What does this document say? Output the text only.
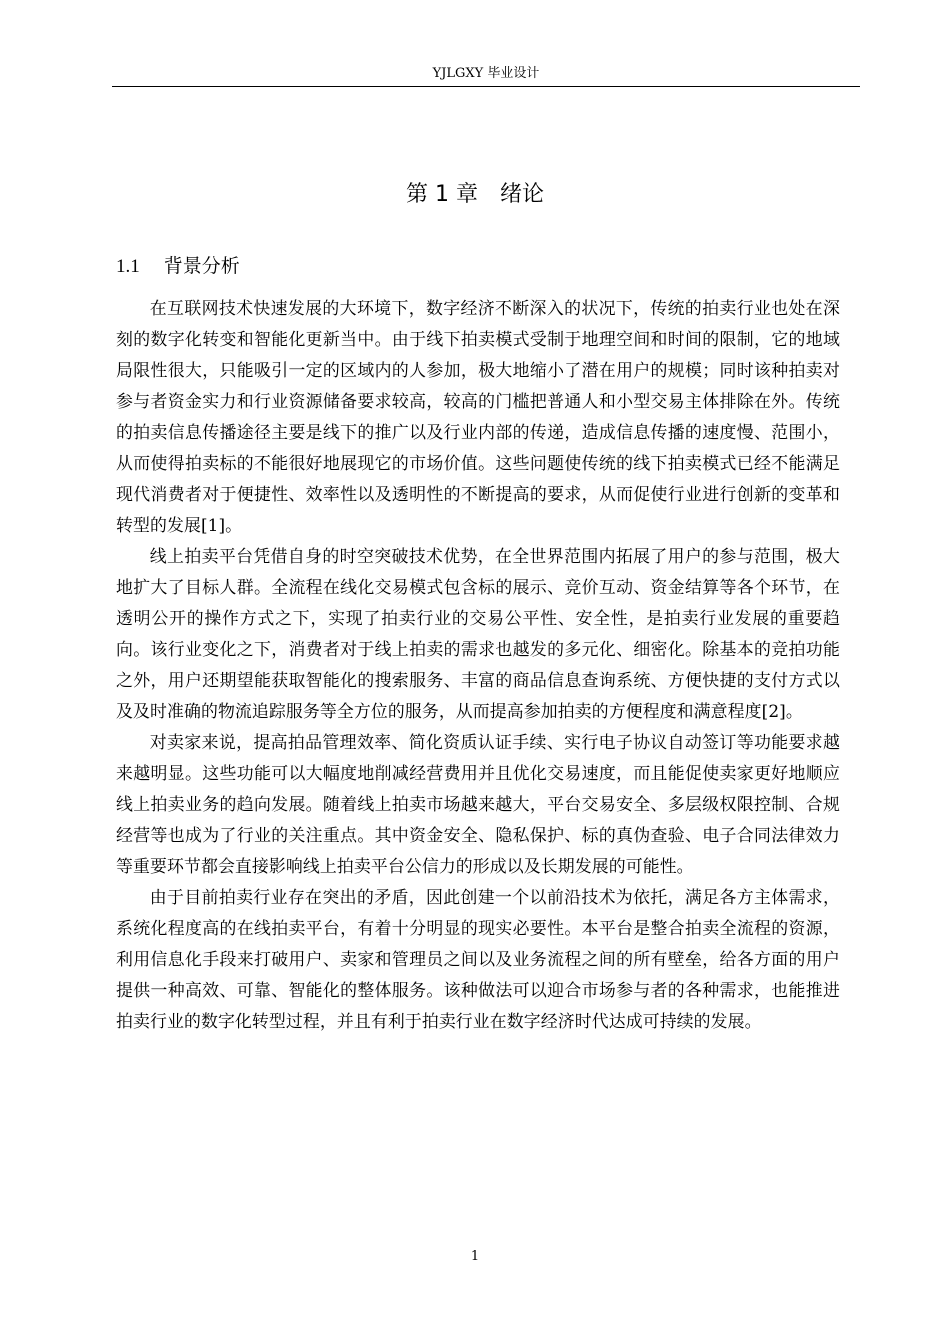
YJLGXY 毕业设计
第 1 章 绪论
1.1 背景分析

在互联网技术快速发展的大环境下，数字经济不断深入的状况下，传统的拍卖行业也处在深刻的数字化转变和智能化更新当中。由于线下拍卖模式受制于地理空间和时间的限制，它的地域局限性很大，只能吸引一定的区域内的人参加，极大地缩小了潜在用户的规模；同时该种拍卖对参与者资金实力和行业资源储备要求较高，较高的门槛把普通人和小型交易主体排除在外。传统的拍卖信息传播途径主要是线下的推广以及行业内部的传递，造成信息传播的速度慢、范围小，从而使得拍卖标的不能很好地展现它的市场价值。这些问题使传统的线下拍卖模式已经不能满足现代消费者对于便捷性、效率性以及透明性的不断提高的要求，从而促使行业进行创新的变革和转型的发展[1]。

线上拍卖平台凭借自身的时空突破技术优势，在全世界范围内拓展了用户的参与范围，极大地扩大了目标人群。全流程在线化交易模式包含标的展示、竞价互动、资金结算等各个环节，在透明公开的操作方式之下，实现了拍卖行业的交易公平性、安全性，是拍卖行业发展的重要趋向。该行业变化之下，消费者对于线上拍卖的需求也越发的多元化、细密化。除基本的竞拍功能之外，用户还期望能获取智能化的搜索服务、丰富的商品信息查询系统、方便快捷的支付方式以及及时准确的物流追踪服务等全方位的服务，从而提高参加拍卖的方便程度和满意程度[2]。

对卖家来说，提高拍品管理效率、简化资质认证手续、实行电子协议自动签订等功能要求越来越明显。这些功能可以大幅度地削减经营费用并且优化交易速度，而且能促使卖家更好地顺应线上拍卖业务的趋向发展。随着线上拍卖市场越来越大，平台交易安全、多层级权限控制、合规经营等也成为了行业的关注重点。其中资金安全、隐私保护、标的真伪查验、电子合同法律效力等重要环节都会直接影响线上拍卖平台公信力的形成以及长期发展的可能性。

由于目前拍卖行业存在突出的矛盾，因此创建一个以前沿技术为依托，满足各方主体需求，系统化程度高的在线拍卖平台，有着十分明显的现实必要性。本平台是整合拍卖全流程的资源，利用信息化手段来打破用户、卖家和管理员之间以及业务流程之间的所有壁垒，给各方面的用户提供一种高效、可靠、智能化的整体服务。该种做法可以迎合市场参与者的各种需求，也能推进拍卖行业的数字化转型过程，并且有利于拍卖行业在数字经济时代达成可持续的发展。

1
